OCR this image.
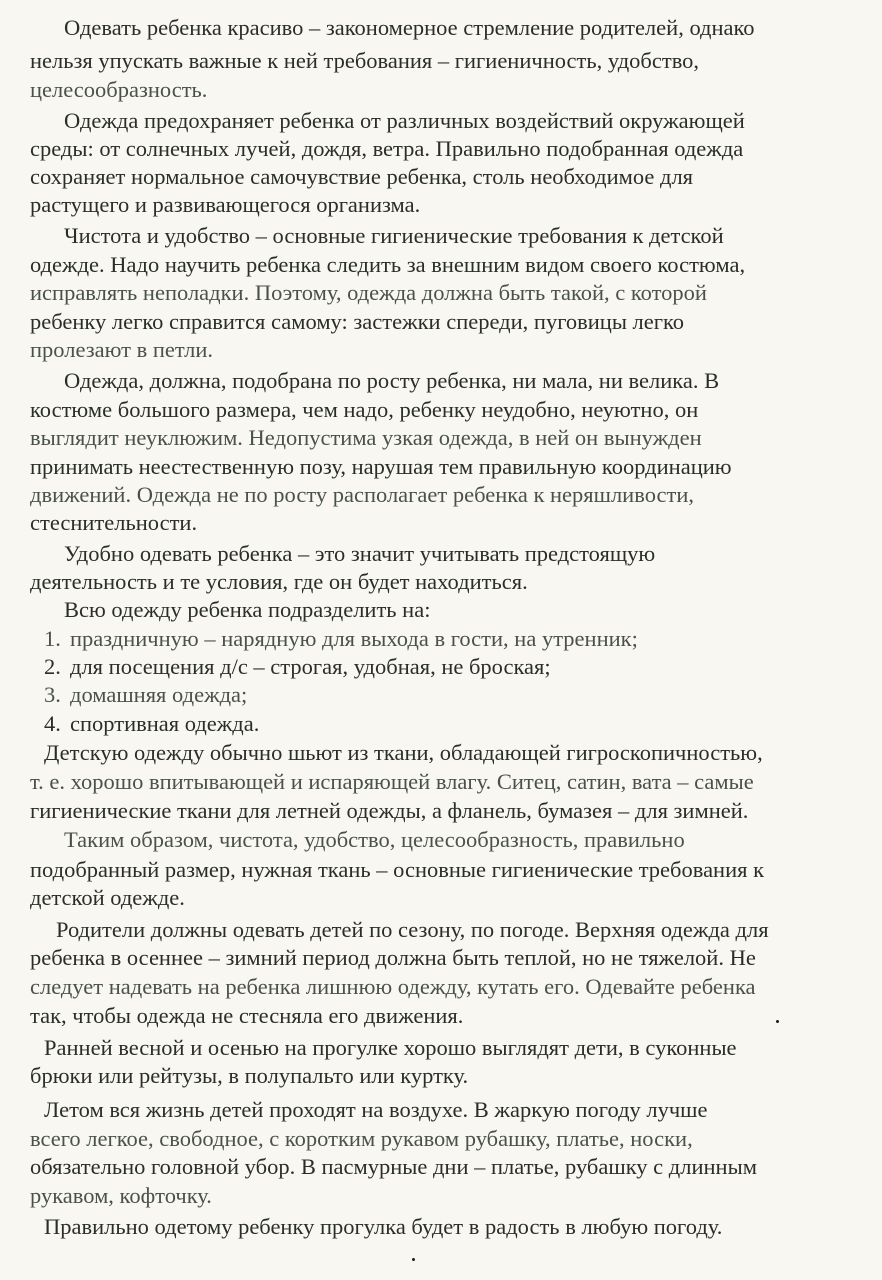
Одевать ребенка красиво – закономерное стремление родителей, однако
нельзя упускать важные к ней требования – гигиеничность, удобство,
целесообразность.
Одежда предохраняет ребенка от различных воздействий окружающей
среды: от солнечных лучей, дождя, ветра. Правильно подобранная одежда
сохраняет нормальное самочувствие ребенка, столь необходимое для
растущего и развивающегося организма.
Чистота и удобство – основные гигиенические требования к детской
одежде. Надо научить ребенка следить за внешним видом своего костюма,
исправлять неполадки. Поэтому, одежда должна быть такой, с которой
ребенку легко справится самому: застежки спереди, пуговицы легко
пролезают в петли.
Одежда, должна, подобрана по росту ребенка, ни мала, ни велика. В
костюме большого размера, чем надо, ребенку неудобно, неуютно, он
выглядит неуклюжим. Недопустима узкая одежда, в ней он вынужден
принимать неестественную позу, нарушая тем правильную координацию
движений. Одежда не по росту располагает ребенка к неряшливости,
стеснительности.
Удобно одевать ребенка – это значит учитывать предстоящую
деятельность и те условия, где он будет находиться.
Всю одежду ребенка подразделить на:
1. праздничную – нарядную для выхода в гости, на утренник;
2. для посещения д/с – строгая, удобная, не броская;
3. домашняя одежда;
4. спортивная одежда.
Детскую одежду обычно шьют из ткани, обладающей гигроскопичностью,
т. е. хорошо впитывающей и испаряющей влагу. Ситец, сатин, вата – самые
гигиенические ткани для летней одежды, а фланель, бумазея – для зимней.
Таким образом, чистота, удобство, целесообразность, правильно
подобранный размер, нужная ткань – основные гигиенические требования к
детской одежде.
Родители должны одевать детей по сезону, по погоде. Верхняя одежда для
ребенка в осеннее – зимний период должна быть теплой, но не тяжелой. Не
следует надевать на ребенка лишнюю одежду, кутать его. Одевайте ребенка
так, чтобы одежда не стесняла его движения.
Ранней весной и осенью на прогулке хорошо выглядят дети, в суконные
брюки или рейтузы, в полупальто или куртку.
Летом вся жизнь детей проходят на воздухе. В жаркую погоду лучше
всего легкое, свободное, с коротким рукавом рубашку, платье, носки,
обязательно головной убор. В пасмурные дни – платье, рубашку с длинным
рукавом, кофточку.
Правильно одетому ребенку прогулка будет в радость в любую погоду.
